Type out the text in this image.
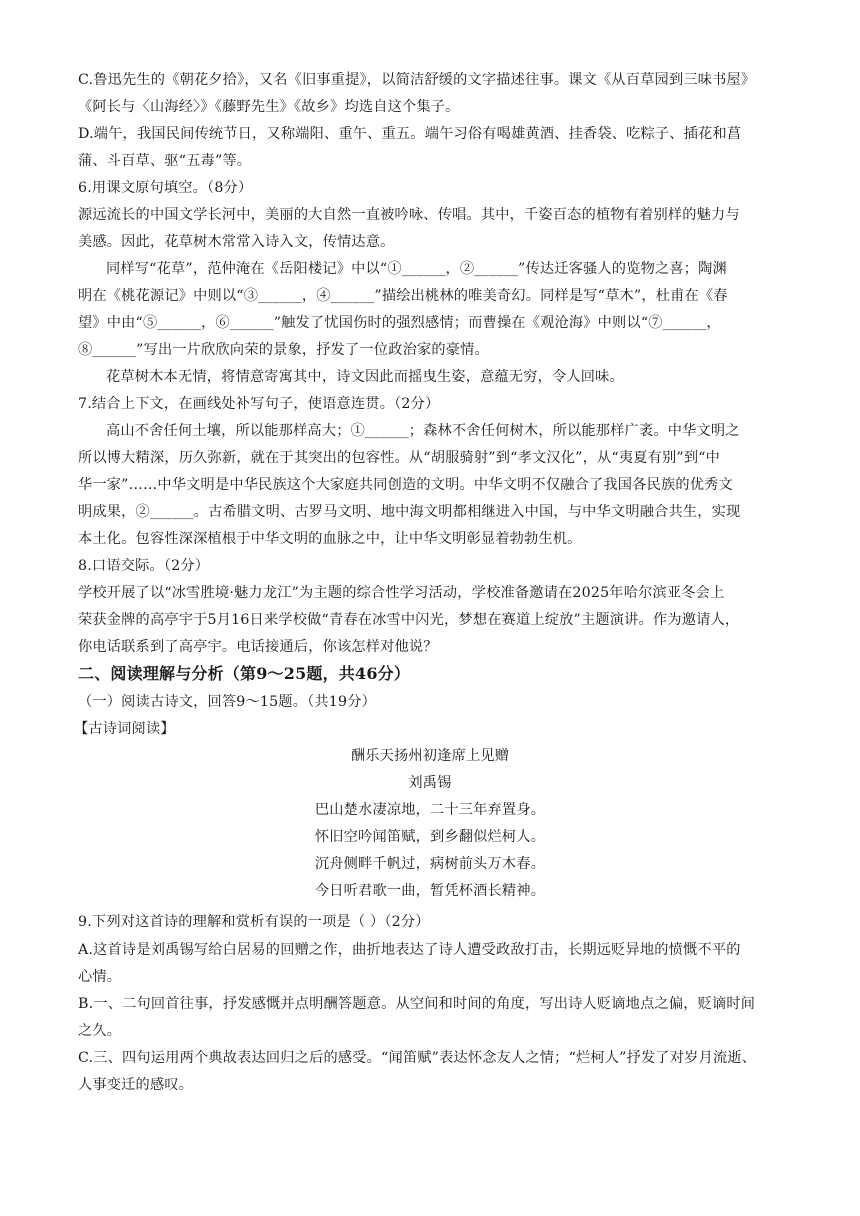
C.鲁迅先生的《朝花夕拾》，又名《旧事重提》，以简洁舒缓的文字描述往事。课文《从百草园到三味书屋》
《阿长与〈山海经〉》《藤野先生》《故乡》均选自这个集子。
D.端午，我国民间传统节日，又称端阳、重午、重五。端午习俗有喝雄黄酒、挂香袋、吃粽子、插花和菖
蒲、斗百草、驱“五毒”等。
6.用课文原句填空。（8分）
源远流长的中国文学长河中，美丽的大自然一直被吟咏、传唱。其中，千姿百态的植物有着别样的魅力与
美感。因此，花草树木常常入诗入文，传情达意。
同样写“花草”，范仲淹在《岳阳楼记》中以“①______，②______”传达迁客骚人的览物之喜；陶渊
明在《桃花源记》中则以“③______，④______”描绘出桃林的唯美奇幻。同样是写“草木”，杜甫在《春
望》中由“⑤______，⑥______”触发了忧国伤时的强烈感情；而曹操在《观沧海》中则以“⑦______，
⑧______”写出一片欣欣向荣的景象，抒发了一位政治家的豪情。
花草树木本无情，将情意寄寓其中，诗文因此而摇曳生姿，意蕴无穷，令人回味。
7.结合上下文，在画线处补写句子，使语意连贯。（2分）
高山不舍任何土壤，所以能那样高大；①______；森林不舍任何树木，所以能那样广袤。中华文明之
所以博大精深，历久弥新，就在于其突出的包容性。从“胡服骑射”到“孝文汉化”，从“夷夏有别”到“中
华一家”……中华文明是中华民族这个大家庭共同创造的文明。中华文明不仅融合了我国各民族的优秀文
明成果，②______。古希腊文明、古罗马文明、地中海文明都相继进入中国，与中华文明融合共生，实现
本土化。包容性深深植根于中华文明的血脉之中，让中华文明彰显着勃勃生机。
8.口语交际。（2分）
学校开展了以“冰雪胜境·魅力龙江”为主题的综合性学习活动，学校准备邀请在2025年哈尔滨亚冬会上
荣获金牌的高亭宇于5月16日来学校做“青春在冰雪中闪光，梦想在赛道上绽放”主题演讲。作为邀请人，
你电话联系到了高亭宇。电话接通后，你该怎样对他说？
9.下列对这首诗的理解和赏析有误的一项是（ ）（2分）
A.这首诗是刘禹锡写给白居易的回赠之作，曲折地表达了诗人遭受政敌打击，长期远贬异地的愤慨不平的
心情。
B.一、二句回首往事，抒发感慨并点明酬答题意。从空间和时间的角度，写出诗人贬谪地点之偏，贬谪时间
之久。
C.三、四句运用两个典故表达回归之后的感受。“闻笛赋”表达怀念友人之情；“烂柯人”抒发了对岁月流逝、
人事变迁的感叹。
二、阅读理解与分析（第9～25题，共46分）
（一）阅读古诗文，回答9～15题。（共19分）
【古诗词阅读】
酬乐天扬州初逢席上见赠
刘禹锡
巴山楚水凄凉地，二十三年弃置身。
怀旧空吟闻笛赋，到乡翻似烂柯人。
沉舟侧畔千帆过，病树前头万木春。
今日听君歌一曲，暂凭杯酒长精神。
